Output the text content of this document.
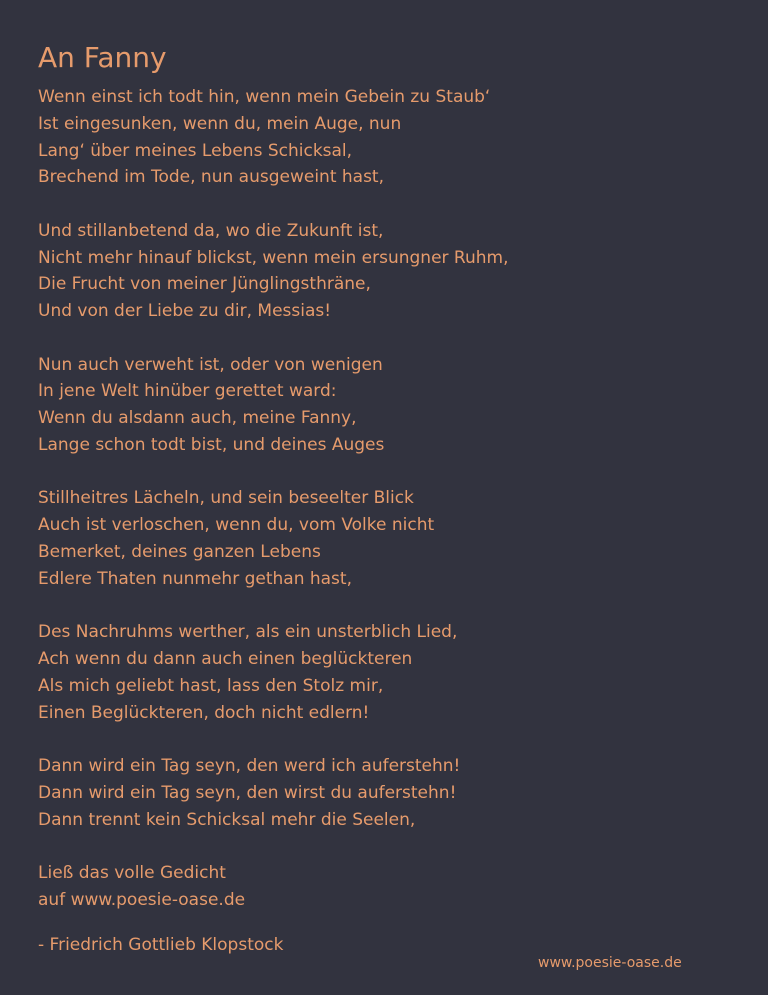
An Fanny
Wenn einst ich todt hin, wenn mein Gebein zu Staub‘
Ist eingesunken, wenn du, mein Auge, nun
Lang‘ über meines Lebens Schicksal,
Brechend im Tode, nun ausgeweint hast,
Und stillanbetend da, wo die Zukunft ist,
Nicht mehr hinauf blickst, wenn mein ersungner Ruhm,
Die Frucht von meiner Jünglingsthräne,
Und von der Liebe zu dir, Messias!
Nun auch verweht ist, oder von wenigen
In jene Welt hinüber gerettet ward:
Wenn du alsdann auch, meine Fanny,
Lange schon todt bist, und deines Auges
Stillheitres Lächeln, und sein beseelter Blick
Auch ist verloschen, wenn du, vom Volke nicht
Bemerket, deines ganzen Lebens
Edlere Thaten nunmehr gethan hast,
Des Nachruhms werther, als ein unsterblich Lied,
Ach wenn du dann auch einen beglückteren
Als mich geliebt hast, lass den Stolz mir,
Einen Beglückteren, doch nicht edlern!
Dann wird ein Tag seyn, den werd ich auferstehn!
Dann wird ein Tag seyn, den wirst du auferstehn!
Dann trennt kein Schicksal mehr die Seelen,
Ließ das volle Gedicht
auf www.poesie-oase.de
- Friedrich Gottlieb Klopstock
www.poesie-oase.de
